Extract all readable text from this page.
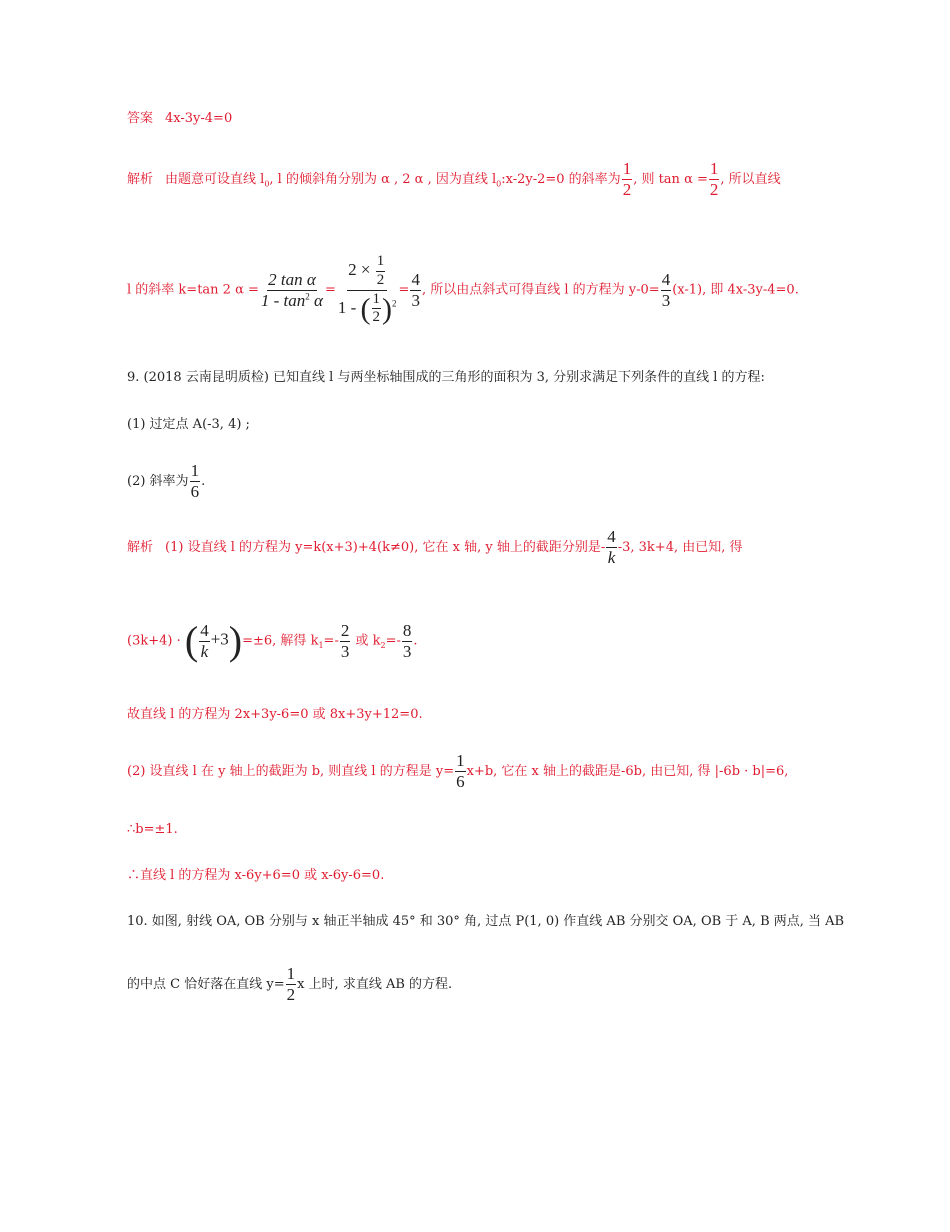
答案 4x-3y-4=0
解析 由题意可设直线 $l_0$, l 的倾斜角分别为 α , 2 α , 因为直线 $l_0:x-2y-2=0$ 的斜率为 $\frac{1}{2}$ , 则 $\tan \alpha = \frac{1}{2}$ , 所以直线
l 的斜率 k=tan 2 $\alpha = \frac{\text{2 tan α}}{1 - \tan^2 \alpha} = \frac{2 \times \frac{1}{2}}{1 - ( \frac{1}{2} )^2} = \frac{4}{3}$ , 所以由点斜式可得直线 l 的方程为 $y-0= \frac{4}{3} (x-1)$, 即 4x-3y-4=0.
9. (2018 云南昆明质检) 已知直线 l 与两坐标轴围成的三角形的面积为 3, 分别求满足下列条件的直线 l 的方程:
(1) 过定点 A(-3, 4) ;
(2) 斜率为 $\frac{1}{6}$ .
解析 (1) 设直线 l 的方程为 y=k(x+3)+4(k≠0), 它在 x 轴, y 轴上的截距分别是- $\frac{4}{k} -3$, 3k+4, 由已知, 得
(3k+4) · ( $\frac{4}{k} +3)=\pm 6$, 解得 $k_1=- \frac{2}{3}$ 或 $k_2=- \frac{8}{3}$ .
故直线 l 的方程为 2x+3y-6=0 或 8x+3y+12=0.
(2) 设直线 l 在 y 轴上的截距为 b, 则直线 l 的方程是 $y= \frac{1}{6} x+b$, 它在 x 轴上的截距是-6b, 由已知, 得 |-6b · b|=6,
∴b=±1.
∴直线 l 的方程为 x-6y+6=0 或 x-6y-6=0.
10. 如图, 射线 OA, OB 分别与 x 轴正半轴成 45° 和 30° 角, 过点 P(1, 0) 作直线 AB 分别交 OA, OB 于 A, B 两点, 当 AB
的中点 C 恰好落在直线 $y= \frac{1}{2}$ x 上时, 求直线 AB 的方程.
